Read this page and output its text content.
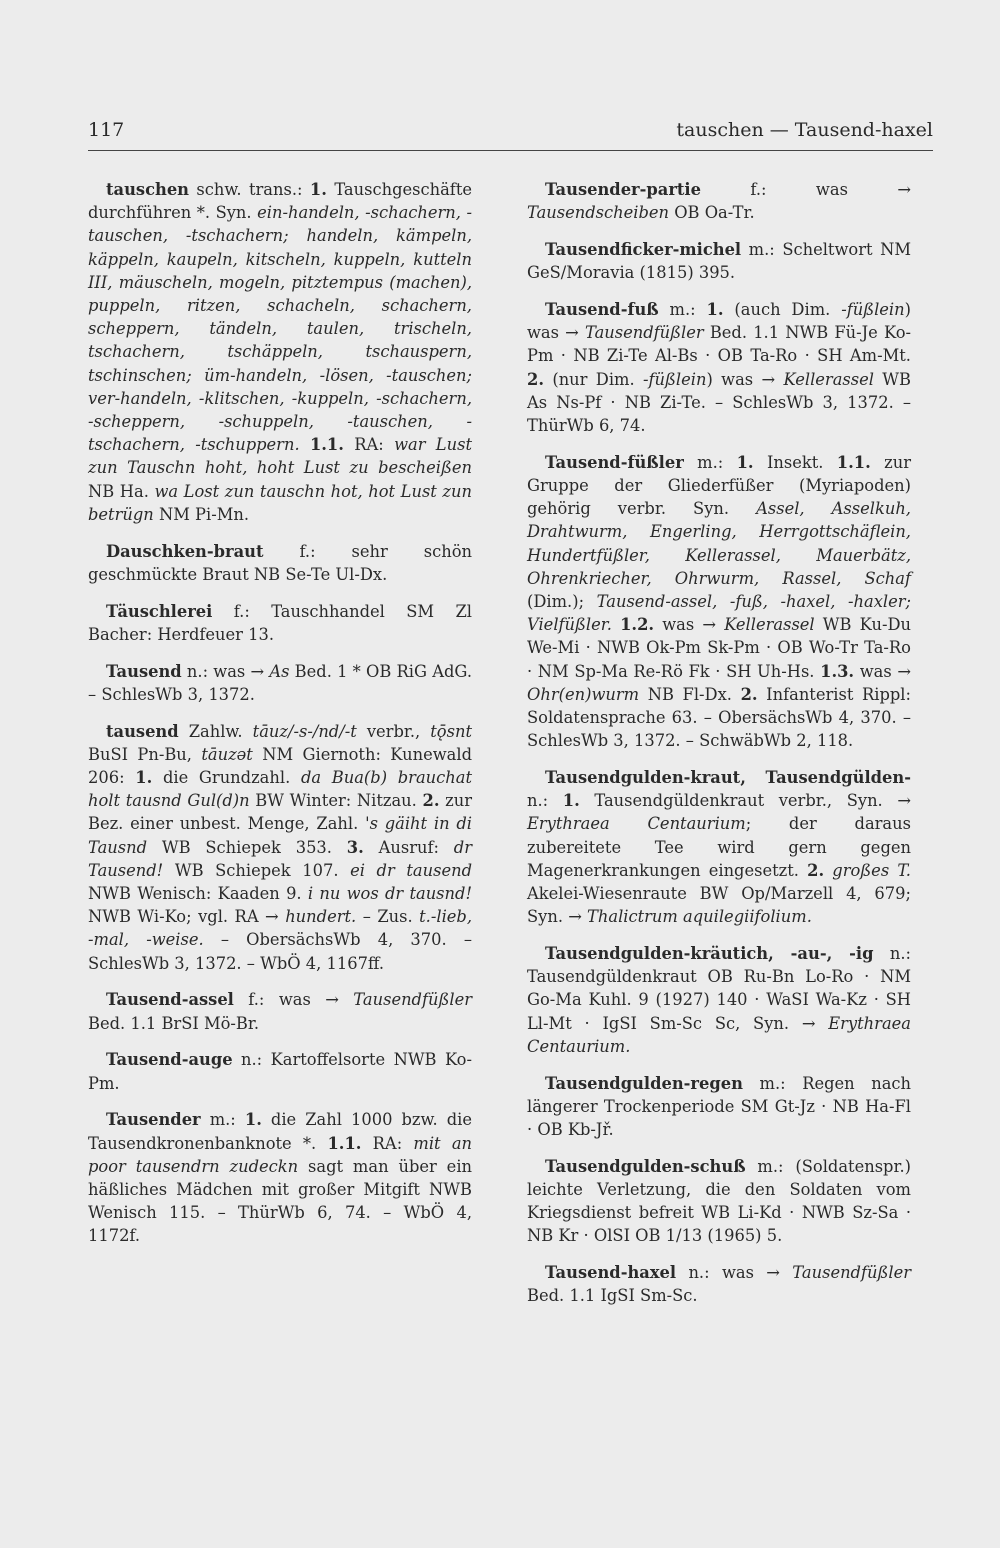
117	tauschen — Tausend-haxel

tauschen schw. trans.: 1. Tauschgeschäfte durchführen *. Syn. ein-handeln, -schachern, -tauschen, -tschachern; handeln, kämpeln, käppeln, kaupeln, kitscheln, kuppeln, kutteln III, mäuscheln, mogeln, pitztempus (machen), puppeln, ritzen, schacheln, schachern, scheppern, tändeln, taulen, trischeln, tschachern, tschäppeln, tschauspern, tschinschen; üm-handeln, -lösen, -tauschen; ver-handeln, -klitschen, -kuppeln, -schachern, -scheppern, -schuppeln, -tauschen, -tschachern, -tschuppern. 1.1. RA: war Lust zun Tauschn hoht, hoht Lust zu bescheißen NB Ha. wa Lost zun tauschn hot, hot Lust zun betrügn NM Pi-Mn.

Dauschken-braut f.: sehr schön geschmückte Braut NB Se-Te Ul-Dx.

Täuschlerei f.: Tauschhandel SM Zl Bacher: Herdfeuer 13.

Tausend n.: was → As Bed. 1 * OB RiG AdG. – SchlesWb 3, 1372.

tausend Zahlw. tāuz/-s-/nd/-t verbr., tǭsnt BuSI Pn-Bu, tāuzət NM Giernoth: Kunewald 206: 1. die Grundzahl. da Bua(b) brauchat holt tausnd Gul(d)n BW Winter: Nitzau. 2. zur Bez. einer unbest. Menge, Zahl. 's gäiht in di Tausnd WB Schiepek 353. 3. Ausruf: dr Tausend! WB Schiepek 107. ei dr tausend NWB Wenisch: Kaaden 9. i nu wos dr tausnd! NWB Wi-Ko; vgl. RA → hundert. – Zus. t.-lieb, -mal, -weise. – ObersächsWb 4, 370. – SchlesWb 3, 1372. – WbÖ 4, 1167ff.

Tausend-assel f.: was → Tausendfüßler Bed. 1.1 BrSI Mö-Br.

Tausend-auge n.: Kartoffelsorte NWB Ko-Pm.

Tausender m.: 1. die Zahl 1000 bzw. die Tausendkronenbanknote *. 1.1. RA: mit an poor tausendrn zudeckn sagt man über ein häßliches Mädchen mit großer Mitgift NWB Wenisch 115. – ThürWb 6, 74. – WbÖ 4, 1172f.

Tausender-partie f.: was → Tausendscheiben OB Oa-Tr.

Tausendficker-michel m.: Scheltwort NM GeS/Moravia (1815) 395.

Tausend-fuß m.: 1. (auch Dim. -füßlein) was → Tausendfüßler Bed. 1.1 NWB Fü-Je Ko-Pm · NB Zi-Te Al-Bs · OB Ta-Ro · SH Am-Mt. 2. (nur Dim. -füßlein) was → Kellerassel WB As Ns-Pf · NB Zi-Te. – SchlesWb 3, 1372. – ThürWb 6, 74.

Tausend-füßler m.: 1. Insekt. 1.1. zur Gruppe der Gliederfüßer (Myriapoden) gehörig verbr. Syn. Assel, Asselkuh, Drahtwurm, Engerling, Herrgottschäflein, Hundertfüßler, Kellerassel, Mauerbätz, Ohrenkriecher, Ohrwurm, Rassel, Schaf (Dim.); Tausend-assel, -fuß, -haxel, -haxler; Vielfüßler. 1.2. was → Kellerassel WB Ku-Du We-Mi · NWB Ok-Pm Sk-Pm · OB Wo-Tr Ta-Ro · NM Sp-Ma Re-Rö Fk · SH Uh-Hs. 1.3. was → Ohr(en)wurm NB Fl-Dx. 2. Infanterist Rippl: Soldatensprache 63. – ObersächsWb 4, 370. – SchlesWb 3, 1372. – SchwäbWb 2, 118.

Tausendgulden-kraut, Tausendgülden- n.: 1. Tausendgüldenkraut verbr., Syn. → Erythraea Centaurium; der daraus zubereitete Tee wird gern gegen Magenerkrankungen eingesetzt. 2. großes T. Akelei-Wiesenraute BW Op/Marzell 4, 679; Syn. → Thalictrum aquilegiifolium.

Tausendgulden-kräutich, -au-, -ig n.: Tausendgüldenkraut OB Ru-Bn Lo-Ro · NM Go-Ma Kuhl. 9 (1927) 140 · WaSI Wa-Kz · SH Ll-Mt · IgSI Sm-Sc Sc, Syn. → Erythraea Centaurium.

Tausendgulden-regen m.: Regen nach längerer Trockenperiode SM Gt-Jz · NB Ha-Fl · OB Kb-Jř.

Tausendgulden-schuß m.: (Soldatenspr.) leichte Verletzung, die den Soldaten vom Kriegsdienst befreit WB Li-Kd · NWB Sz-Sa · NB Kr · OlSI OB 1/13 (1965) 5.

Tausend-haxel n.: was → Tausendfüßler Bed. 1.1 IgSI Sm-Sc.
